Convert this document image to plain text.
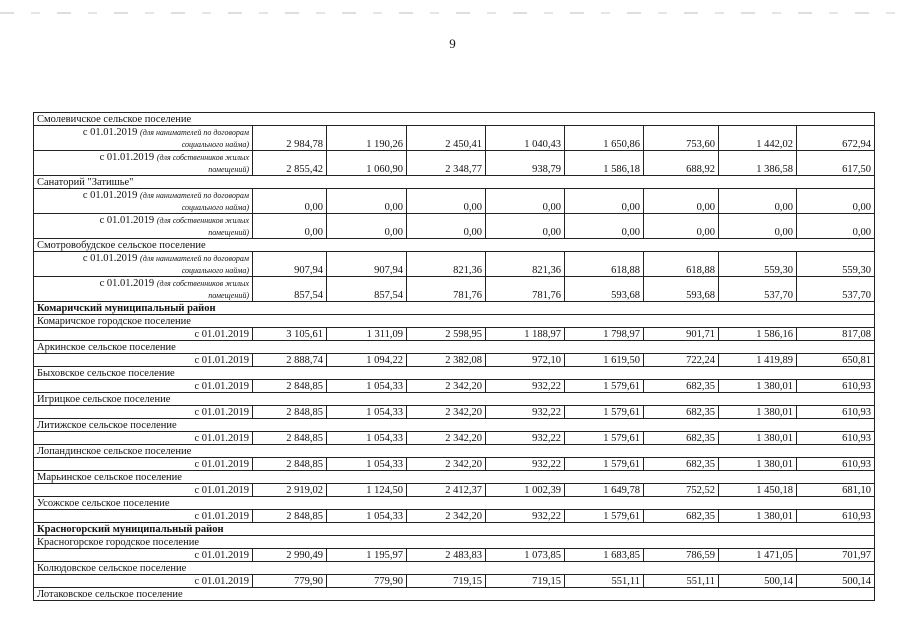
9
Смолевичское сельское поселение								

с 01.01.2019 (для нанимателей по договорам
социального найма)	2 984,78	1 190,26	2 450,41	1 040,43	1 650,86	753,60	1 442,02	672,94

с 01.01.2019 (для собственников жилых
помещений)	2 855,42	1 060,90	2 348,77	938,79	1 586,18	688,92	1 386,58	617,50
Санаторий "Затишье"								

с 01.01.2019 (для нанимателей по договорам
социального найма)	0,00	0,00	0,00	0,00	0,00	0,00	0,00	0,00

с 01.01.2019 (для собственников жилых
помещений)	0,00	0,00	0,00	0,00	0,00	0,00	0,00	0,00
Смотровобудское сельское поселение								

с 01.01.2019 (для нанимателей по договорам
социального найма)	907,94	907,94	821,36	821,36	618,88	618,88	559,30	559,30

с 01.01.2019 (для собственников жилых
помещений)	857,54	857,54	781,76	781,76	593,68	593,68	537,70	537,70
Комаричский муниципальный район								
Комаричское городское поселение								
с 01.01.2019	3 105,61	1 311,09	2 598,95	1 188,97	1 798,97	901,71	1 586,16	817,08
Аркинское сельское поселение								
с 01.01.2019	2 888,74	1 094,22	2 382,08	972,10	1 619,50	722,24	1 419,89	650,81
Быховское сельское поселение								
с 01.01.2019	2 848,85	1 054,33	2 342,20	932,22	1 579,61	682,35	1 380,01	610,93
Игрицкое сельское поселение								
с 01.01.2019	2 848,85	1 054,33	2 342,20	932,22	1 579,61	682,35	1 380,01	610,93
Литижское сельское поселение								
с 01.01.2019	2 848,85	1 054,33	2 342,20	932,22	1 579,61	682,35	1 380,01	610,93
Лопандинское сельское поселение								
с 01.01.2019	2 848,85	1 054,33	2 342,20	932,22	1 579,61	682,35	1 380,01	610,93
Марьинское сельское поселение								
с 01.01.2019	2 919,02	1 124,50	2 412,37	1 002,39	1 649,78	752,52	1 450,18	681,10
Усожское сельское поселение								
с 01.01.2019	2 848,85	1 054,33	2 342,20	932,22	1 579,61	682,35	1 380,01	610,93
Красногорский муниципальный район								
Красногорское городское поселение								
с 01.01.2019	2 990,49	1 195,97	2 483,83	1 073,85	1 683,85	786,59	1 471,05	701,97
Колюдовское сельское поселение								
с 01.01.2019	779,90	779,90	719,15	719,15	551,11	551,11	500,14	500,14
Лотаковское сельское поселение								
